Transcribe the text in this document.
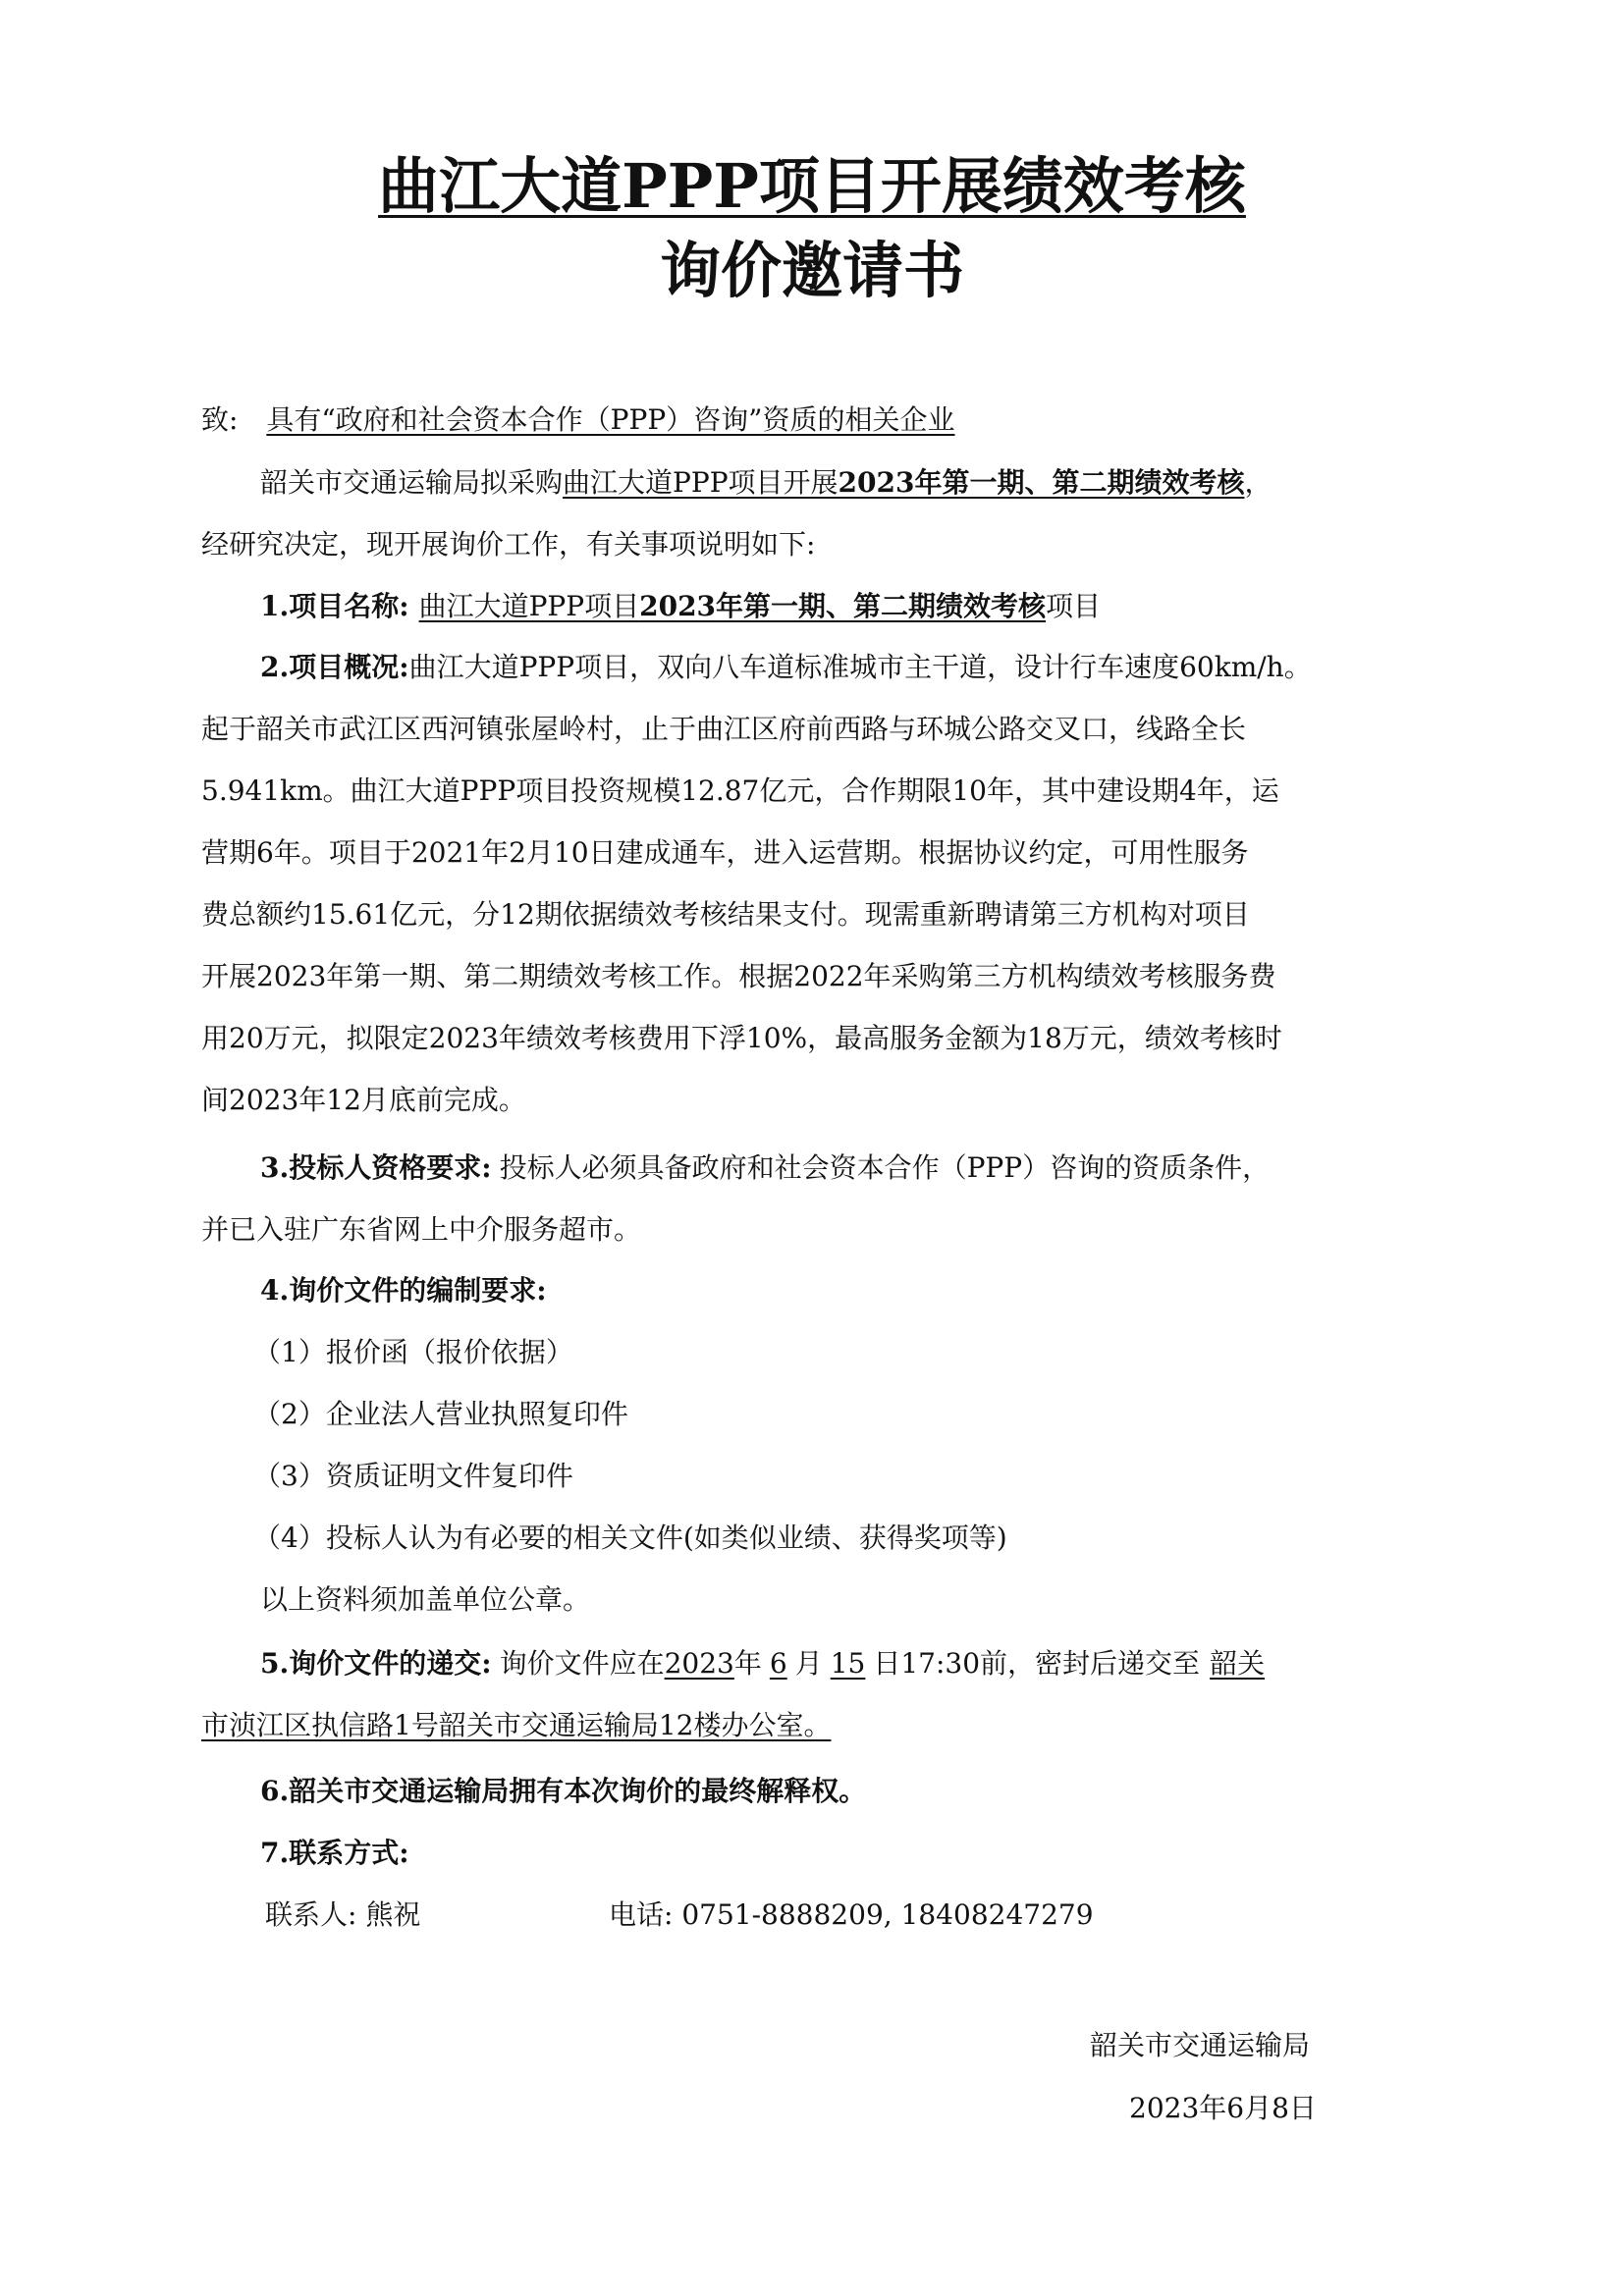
曲江大道PPP项目开展绩效考核
询价邀请书
致: 具有“政府和社会资本合作（PPP）咨询”资质的相关企业
韶关市交通运输局拟采购曲江大道PPP项目开展2023年第一期、第二期绩效考核，
经研究决定，现开展询价工作，有关事项说明如下:
1.项目名称: 曲江大道PPP项目2023年第一期、第二期绩效考核项目
2.项目概况:曲江大道PPP项目，双向八车道标准城市主干道，设计行车速度60km/h。
起于韶关市武江区西河镇张屋岭村，止于曲江区府前西路与环城公路交叉口，线路全长
5.941km。曲江大道PPP项目投资规模12.87亿元，合作期限10年，其中建设期4年，运
营期6年。项目于2021年2月10日建成通车，进入运营期。根据协议约定，可用性服务
费总额约15.61亿元，分12期依据绩效考核结果支付。现需重新聘请第三方机构对项目
开展2023年第一期、第二期绩效考核工作。根据2022年采购第三方机构绩效考核服务费
用20万元，拟限定2023年绩效考核费用下浮10%，最高服务金额为18万元，绩效考核时
间2023年12月底前完成。
3.投标人资格要求: 投标人必须具备政府和社会资本合作（PPP）咨询的资质条件，
并已入驻广东省网上中介服务超市。
4.询价文件的编制要求:
（1）报价函（报价依据）
（2）企业法人营业执照复印件
（3）资质证明文件复印件
（4）投标人认为有必要的相关文件(如类似业绩、获得奖项等)
以上资料须加盖单位公章。
5.询价文件的递交: 询价文件应在2023年 6 月 15 日17:30前，密封后递交至 韶关
市浈江区执信路1号韶关市交通运输局12楼办公室。
6.韶关市交通运输局拥有本次询价的最终解释权。
7.联系方式:
联系人: 熊祝	电话: 0751-8888209, 18408247279
韶关市交通运输局
2023年6月8日
